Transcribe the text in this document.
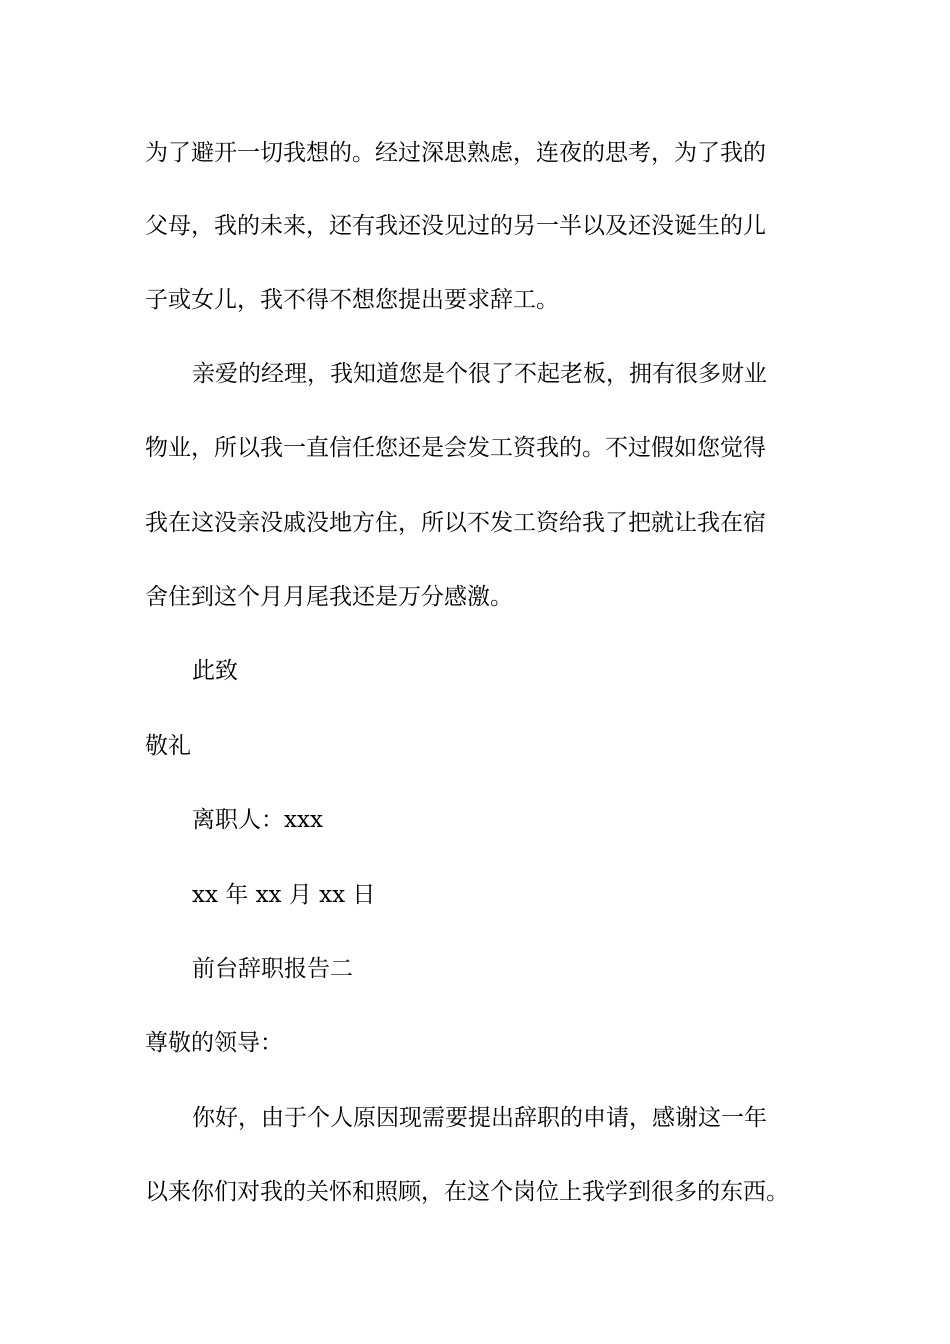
为了避开一切我想的。经过深思熟虑，连夜的思考，为了我的
父母，我的未来，还有我还没见过的另一半以及还没诞生的儿
子或女儿，我不得不想您提出要求辞工。
亲爱的经理，我知道您是个很了不起老板，拥有很多财业
物业，所以我一直信任您还是会发工资我的。不过假如您觉得
我在这没亲没戚没地方住，所以不发工资给我了把就让我在宿
舍住到这个月月尾我还是万分感激。
此致
敬礼
离职人：xxx
xx 年 xx 月 xx 日
前台辞职报告二
尊敬的领导：
你好，由于个人原因现需要提出辞职的申请，感谢这一年
以来你们对我的关怀和照顾，在这个岗位上我学到很多的东西。
